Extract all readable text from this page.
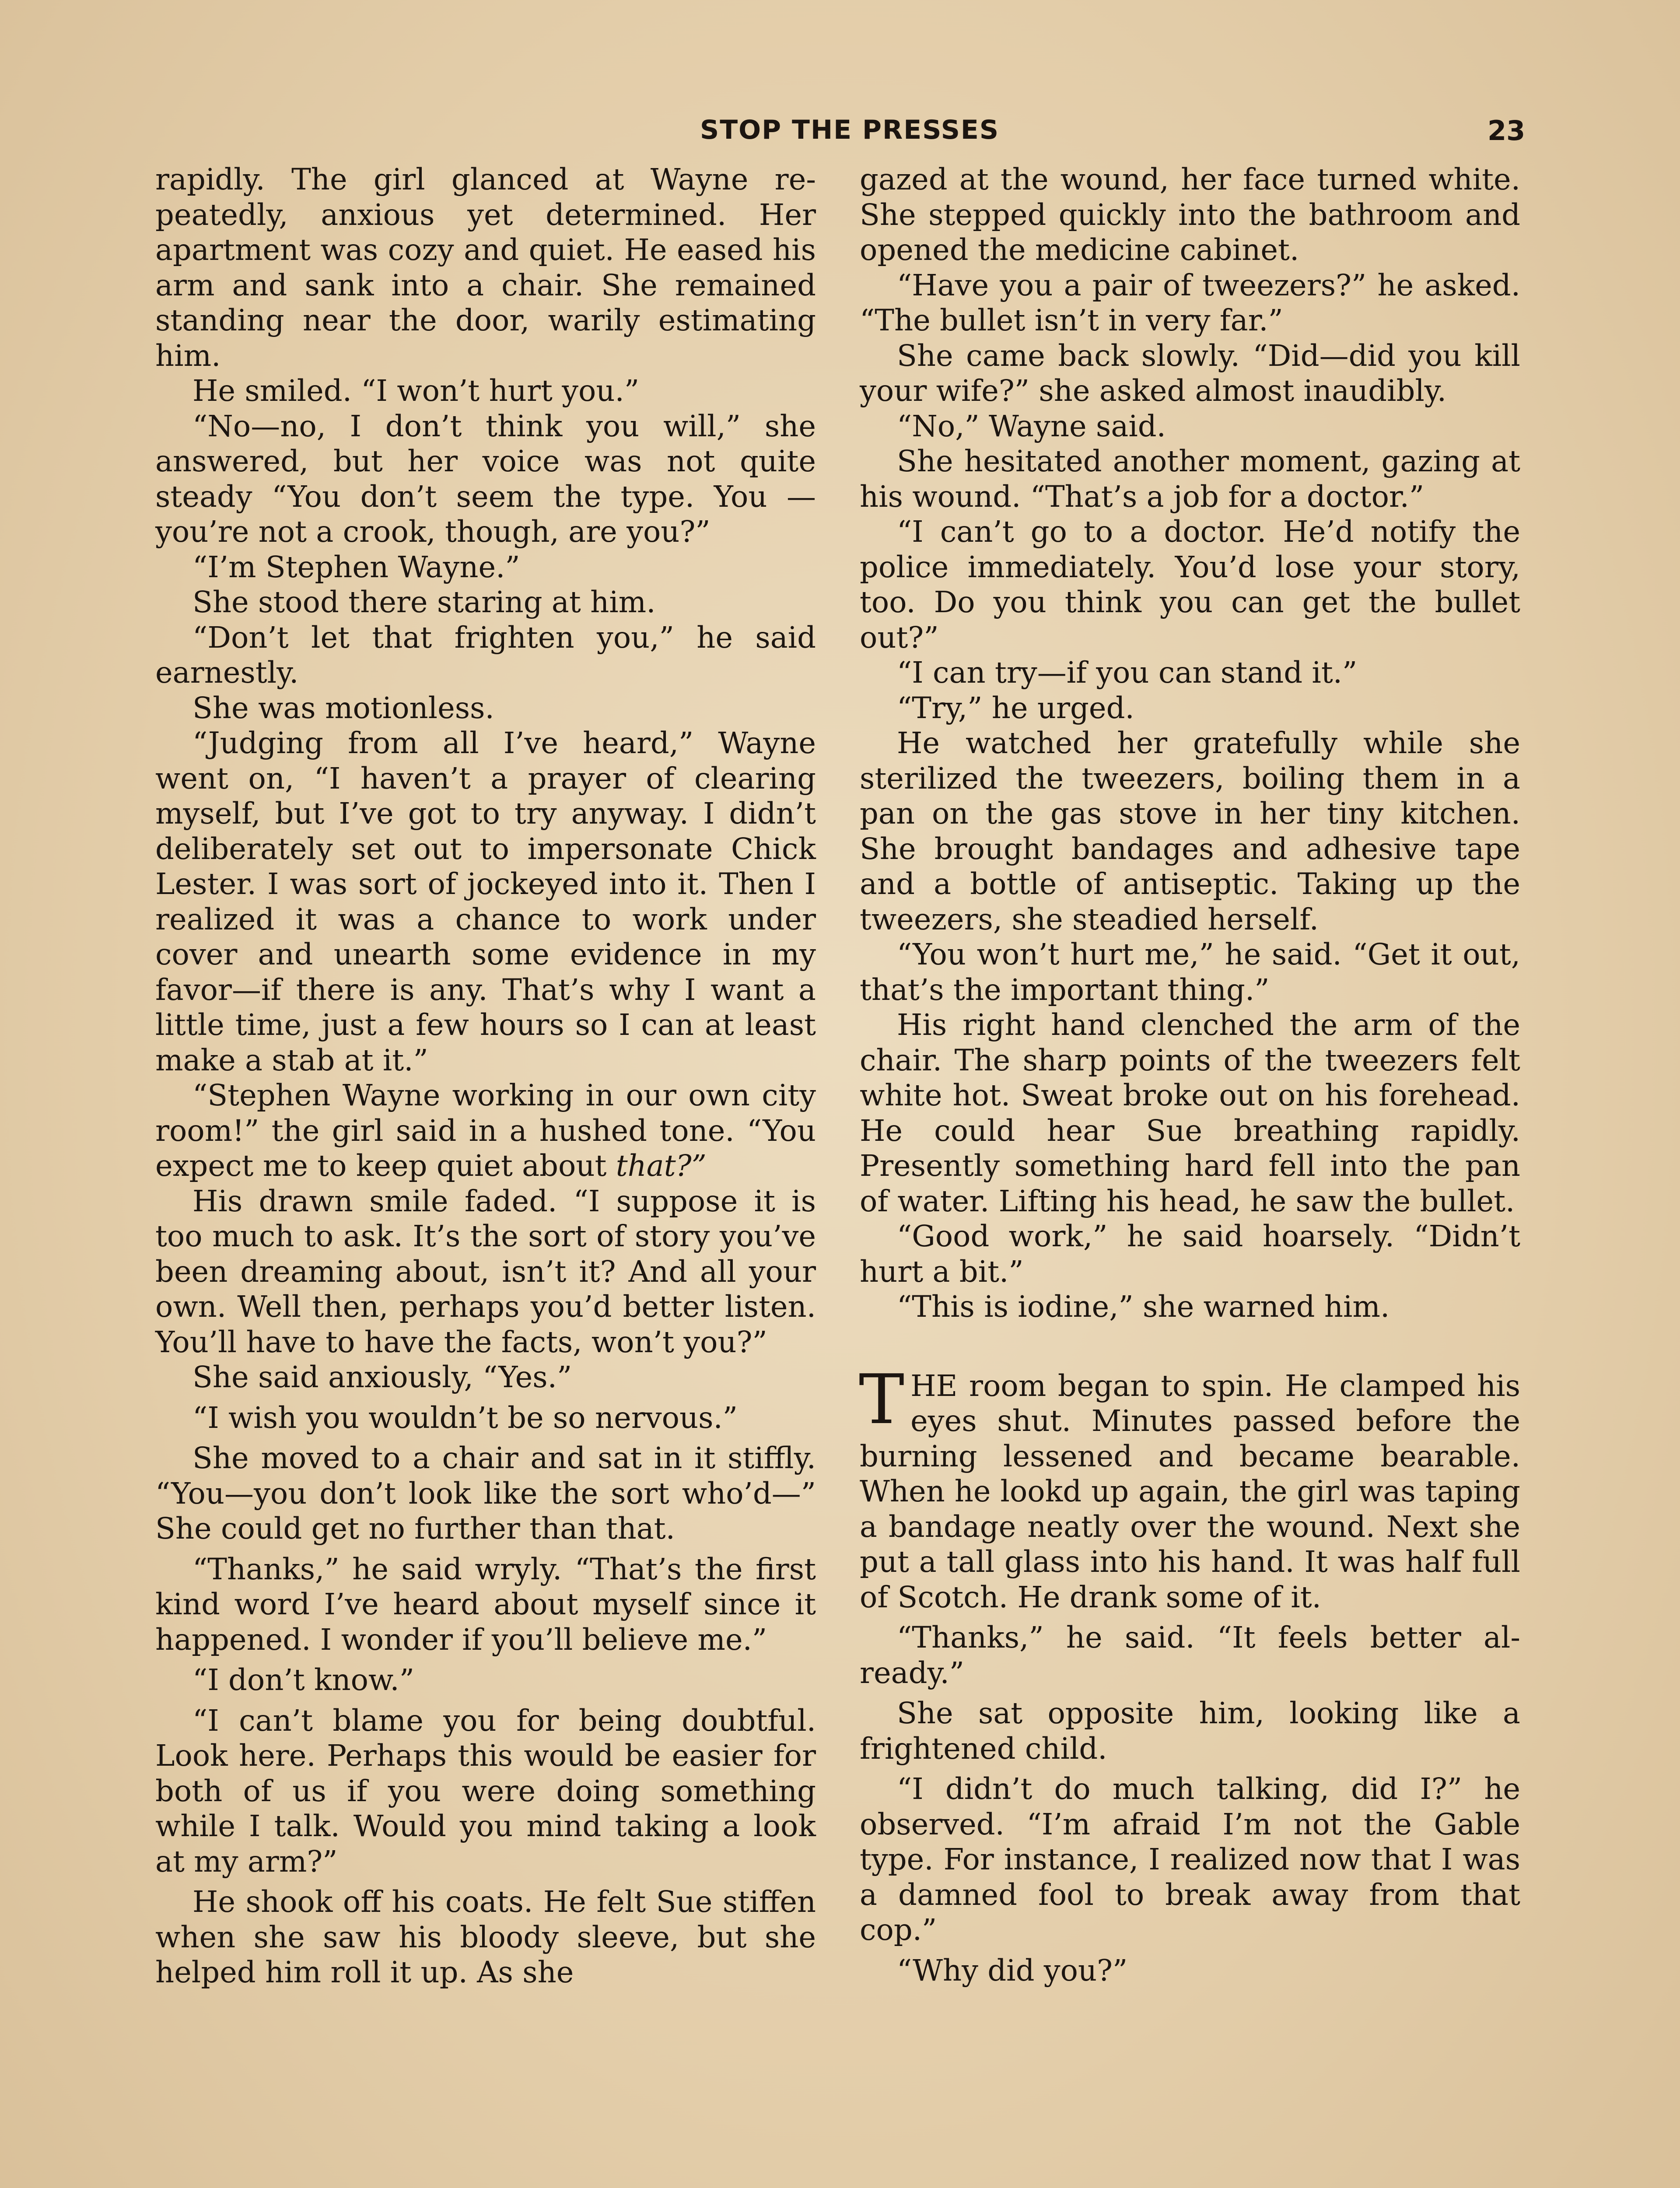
STOP THE PRESSES	23

rapidly. The girl glanced at Wayne repeatedly, anxious yet determined. Her apartment was cozy and quiet. He eased his arm and sank into a chair. She remained standing near the door, warily estimating him.

He smiled. “I won’t hurt you.”

“No—no, I don’t think you will,” she answered, but her voice was not quite steady “You don’t seem the type. You —you’re not a crook, though, are you?”

“I’m Stephen Wayne.”

She stood there staring at him.

“Don’t let that frighten you,” he said earnestly.

She was motionless.

“Judging from all I’ve heard,” Wayne went on, “I haven’t a prayer of clearing myself, but I’ve got to try anyway. I didn’t deliberately set out to impersonate Chick Lester. I was sort of jockeyed into it. Then I realized it was a chance to work under cover and unearth some evidence in my favor—if there is any. That’s why I want a little time, just a few hours so I can at least make a stab at it.”

“Stephen Wayne working in our own city room!” the girl said in a hushed tone. “You expect me to keep quiet about that?”

His drawn smile faded. “I suppose it is too much to ask. It’s the sort of story you’ve been dreaming about, isn’t it? And all your own. Well then, perhaps you’d better listen. You’ll have to have the facts, won’t you?”

She said anxiously, “Yes.”

“I wish you wouldn’t be so nervous.”

She moved to a chair and sat in it stiffly. “You—you don’t look like the sort who’d—” She could get no further than that.

“Thanks,” he said wryly. “That’s the first kind word I’ve heard about myself since it happened. I wonder if you’ll believe me.”

“I don’t know.”

“I can’t blame you for being doubtful. Look here. Perhaps this would be easier for both of us if you were doing something while I talk. Would you mind taking a look at my arm?”

He shook off his coats. He felt Sue stiffen when she saw his bloody sleeve, but she helped him roll it up. As she

gazed at the wound, her face turned white. She stepped quickly into the bathroom and opened the medicine cabinet.

“Have you a pair of tweezers?” he asked. “The bullet isn’t in very far.”

She came back slowly. “Did—did you kill your wife?” she asked almost inaudibly.

“No,” Wayne said.

She hesitated another moment, gazing at his wound. “That’s a job for a doctor.”

“I can’t go to a doctor. He’d notify the police immediately. You’d lose your story, too. Do you think you can get the bullet out?”

“I can try—if you can stand it.”

“Try,” he urged.

He watched her gratefully while she sterilized the tweezers, boiling them in a pan on the gas stove in her tiny kitchen. She brought bandages and adhesive tape and a bottle of antiseptic. Taking up the tweezers, she steadied herself.

“You won’t hurt me,” he said. “Get it out, that’s the important thing.”

His right hand clenched the arm of the chair. The sharp points of the tweezers felt white hot. Sweat broke out on his forehead. He could hear Sue breathing rapidly. Presently something hard fell into the pan of water. Lifting his head, he saw the bullet.

“Good work,” he said hoarsely. “Didn’t hurt a bit.”

“This is iodine,” she warned him.

THE room began to spin. He clamped his eyes shut. Minutes passed before the burning lessened and became bearable. When he lookd up again, the girl was taping a bandage neatly over the wound. Next she put a tall glass into his hand. It was half full of Scotch. He drank some of it.

“Thanks,” he said. “It feels better already.”

She sat opposite him, looking like a frightened child.

“I didn’t do much talking, did I?” he observed. “I’m afraid I’m not the Gable type. For instance, I realized now that I was a damned fool to break away from that cop.”

“Why did you?”
